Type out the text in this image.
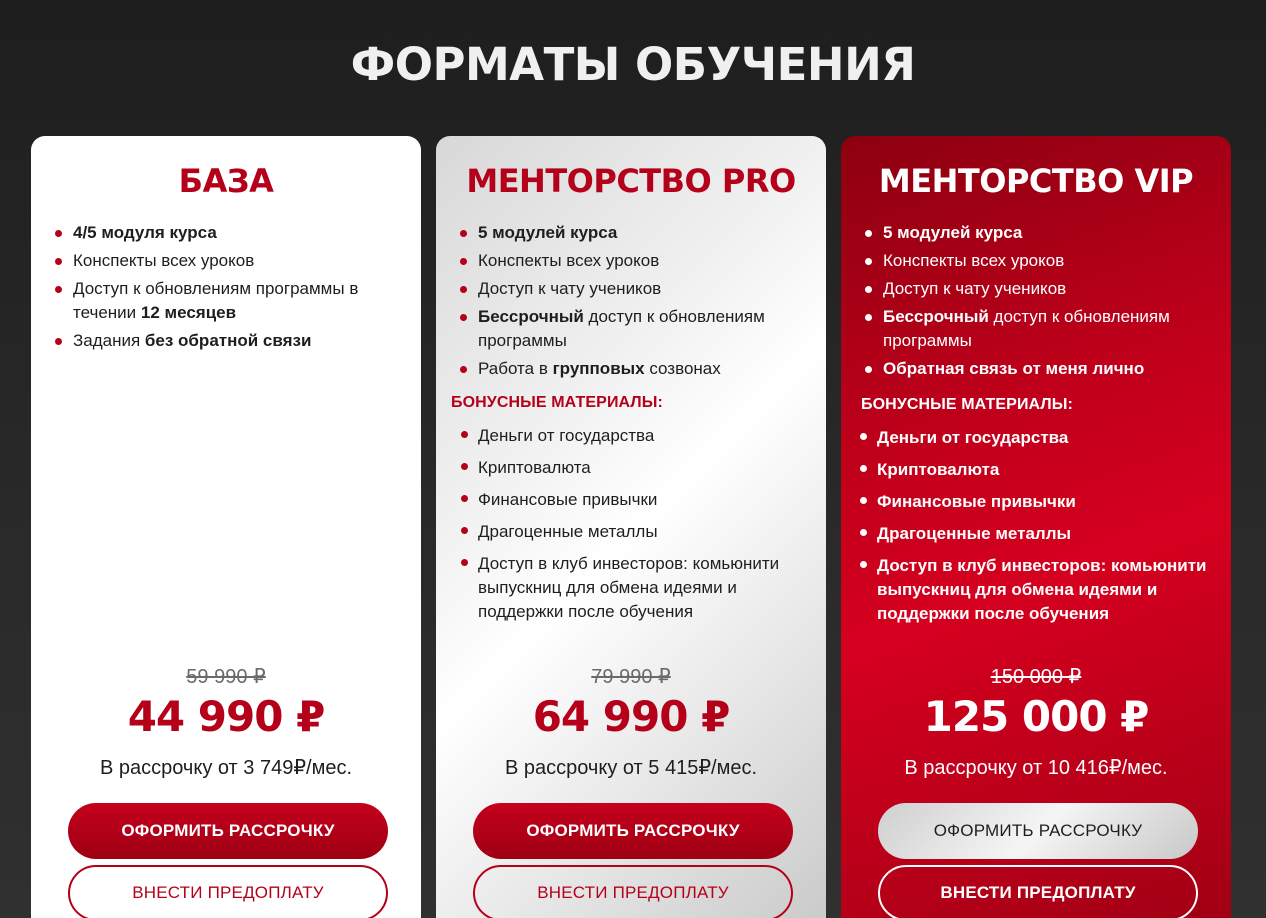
ФОРМАТЫ ОБУЧЕНИЯ
БАЗА
4/5 модуля курса
Конспекты всех уроков
Доступ к обновлениям программы в течении 12 месяцев
Задания без обратной связи
59 990 ₽
44 990 ₽
В рассрочку от 3 749₽/мес.
ОФОРМИТЬ РАССРОЧКУ
ВНЕСТИ ПРЕДОПЛАТУ
МЕНТОРСТВО PRO
5 модулей курса
Конспекты всех уроков
Доступ к чату учеников
Бессрочный доступ к обновлениям программы
Работа в групповых созвонах
БОНУСНЫЕ МАТЕРИАЛЫ:
Деньги от государства
Криптовалюта
Финансовые привычки
Драгоценные металлы
Доступ в клуб инвесторов: комьюнити выпускниц для обмена идеями и поддержки после обучения
79 990 ₽
64 990 ₽
В рассрочку от 5 415₽/мес.
ОФОРМИТЬ РАССРОЧКУ
ВНЕСТИ ПРЕДОПЛАТУ
МЕНТОРСТВО VIP
5 модулей курса
Конспекты всех уроков
Доступ к чату учеников
Бессрочный доступ к обновлениям программы
Обратная связь от меня лично
БОНУСНЫЕ МАТЕРИАЛЫ:
Деньги от государства
Криптовалюта
Финансовые привычки
Драгоценные металлы
Доступ в клуб инвесторов: комьюнити выпускниц для обмена идеями и поддержки после обучения
150 000 ₽
125 000 ₽
В рассрочку от 10 416₽/мес.
ОФОРМИТЬ РАССРОЧКУ
ВНЕСТИ ПРЕДОПЛАТУ
